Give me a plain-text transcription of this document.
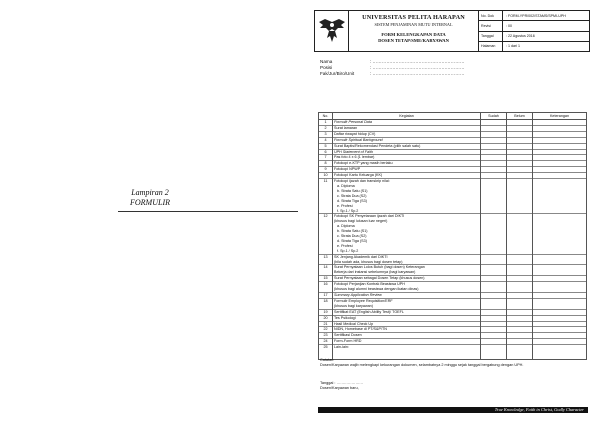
Lampiran 2
FORMULIR
UNIVERSITAS PELITA HARAPAN
SISTEM PENJAMINAN MUTU INTERNAL
FORM KELENGKAPAN DATA
DOSEN TETAP/SME/KARYAWAN
No. Dok	: FORM-YPR/002/STAMS/SPMI-UPH
Revisi	: 00
Tanggal	: 22 Agustus 2016
Halaman	: 1 dari 1
Nama	: ……………………………………………………
Posisi	: ……………………………………………………
Fak/Jur/Biro/Unit	: ……………………………………………………
No.	Kegiatan	Sudah	Belum	Keterangan
1	Formulir Personal Data			
2	Surat lamaran			
3	Daftar riwayat hidup (CV)			
4	Formulir Spiritual Background			
5	Surat Baptis/Rekomendasi Pendeta (pilih salah satu)			
6	UPH Statement of Faith			
7	Pas foto 4 x 6 (1 lembar)			
8	Fotokopi e-KTP yang masih berlaku			
9	Fotokopi NPWP			
10	Fotokopi Kartu Keluarga (KK)			
11	Fotokopi ijazah dan transkrip nilai:			
	a. Diploma			
	b. Strata Satu (S1)			
	c. Strata Dua (S2)			
	d. Strata Tiga (S3)			
	e. Profesi			
	f. Sp.1 / Sp.2			
12	Fotokopi SK Penyetaraan ijazah dari DIKTI			
	(khusus bagi lulusan luar negeri)			
	a. Diploma			
	b. Strata Satu (S1)			
	c. Strata Dua (S2)			
	d. Strata Tiga (S3)			
	e. Profesi			
	f. Sp.1 / Sp.2			
13	SK Jenjang Akademik dari DIKTI			
	(bila sudah ada, khusus bagi dosen tetap)			
14	Surat Pernyataan Lolos Butuh (bagi dosen) Keterangan			
	Bekerja dari instansi sebelumnya (bagi karyawan)			
15	Surat Pernyataan sebagai Dosen Tetap (khusus dosen)			
16	Fotokopi Perjanjian Kontrak Beasiswa UPH			
	(khusus bagi alumni beasiswa dengan ikatan dinas)			
17	Summary Application Review			
18	Formulir Employee Requisition/ERF			
	(khusus bagi karyawan)			
19	Sertifikat EAT (English Ability Test)/ TOEFL			
20	Tes Psikologi			
21	Hasil Medical Check Up			
22	NIDN, Homebase di PT/S&P/TN			
23	Sertifikasi Dosen			
24	Form-Form HRD			
25	Lain-lain:			

Catatan:
Dosen/Karyawan wajib melengkapi kekurangan dokumen, selambatnya 2 minggu sejak tanggal bergabung dengan UPH.
Tanggal : …………………
Dosen/Karyawan baru,
True Knowledge, Faith in Christ, Godly Character
